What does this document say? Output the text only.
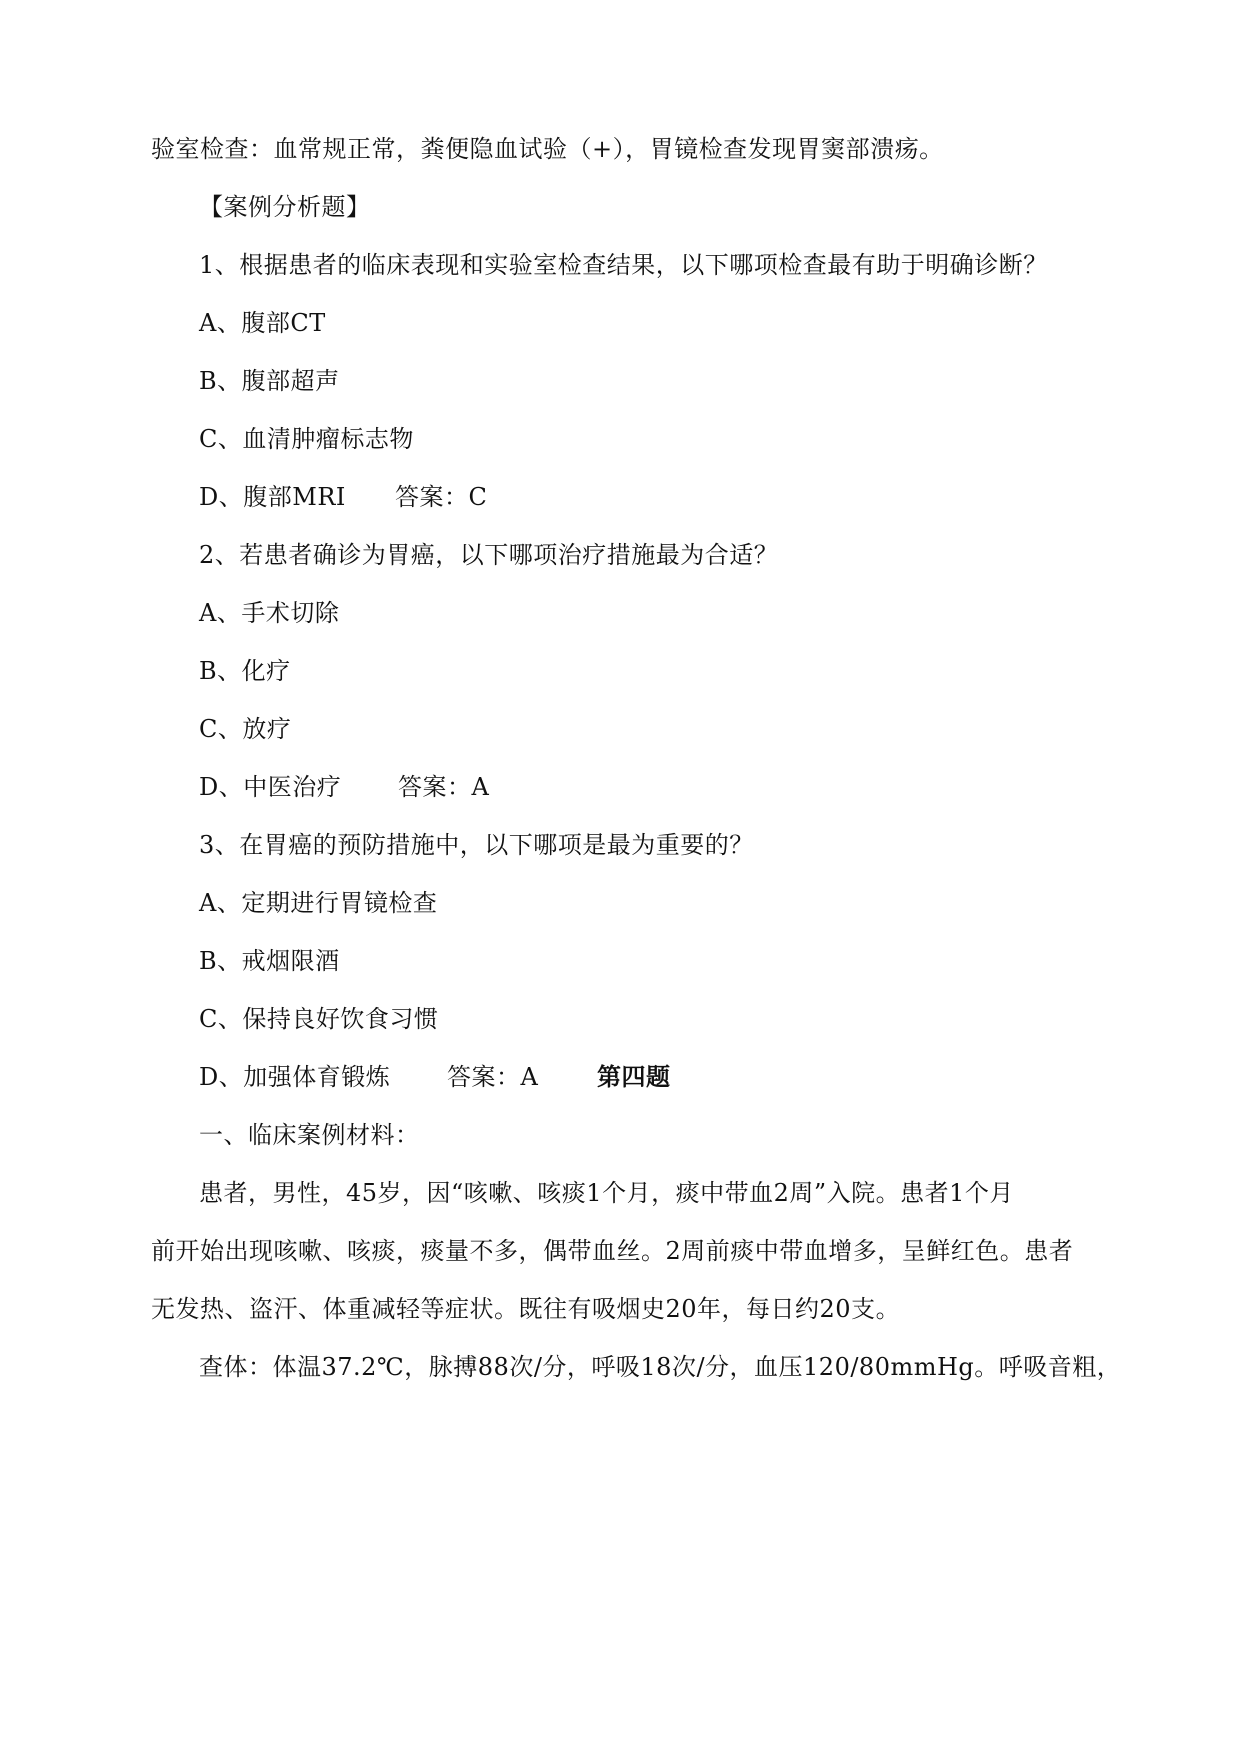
验室检查：血常规正常，粪便隐血试验（+），胃镜检查发现胃窦部溃疡。
【案例分析题】
1、根据患者的临床表现和实验室检查结果，以下哪项检查最有助于明确诊断？
A、腹部CT
B、腹部超声
C、血清肿瘤标志物
D、腹部MRI 答案：C
2、若患者确诊为胃癌，以下哪项治疗措施最为合适？
A、手术切除
B、化疗
C、放疗
D、中医治疗 答案：A
3、在胃癌的预防措施中，以下哪项是最为重要的？
A、定期进行胃镜检查
B、戒烟限酒
C、保持良好饮食习惯
D、加强体育锻炼 答案：A 第四题
一、临床案例材料：
患者，男性，45岁，因“咳嗽、咳痰1个月，痰中带血2周”入院。患者1个月
前开始出现咳嗽、咳痰，痰量不多，偶带血丝。2周前痰中带血增多，呈鲜红色。患者
无发热、盗汗、体重减轻等症状。既往有吸烟史20年，每日约20支。
查体：体温37.2℃，脉搏88次/分，呼吸18次/分，血压120/80mmHg。呼吸音粗，
